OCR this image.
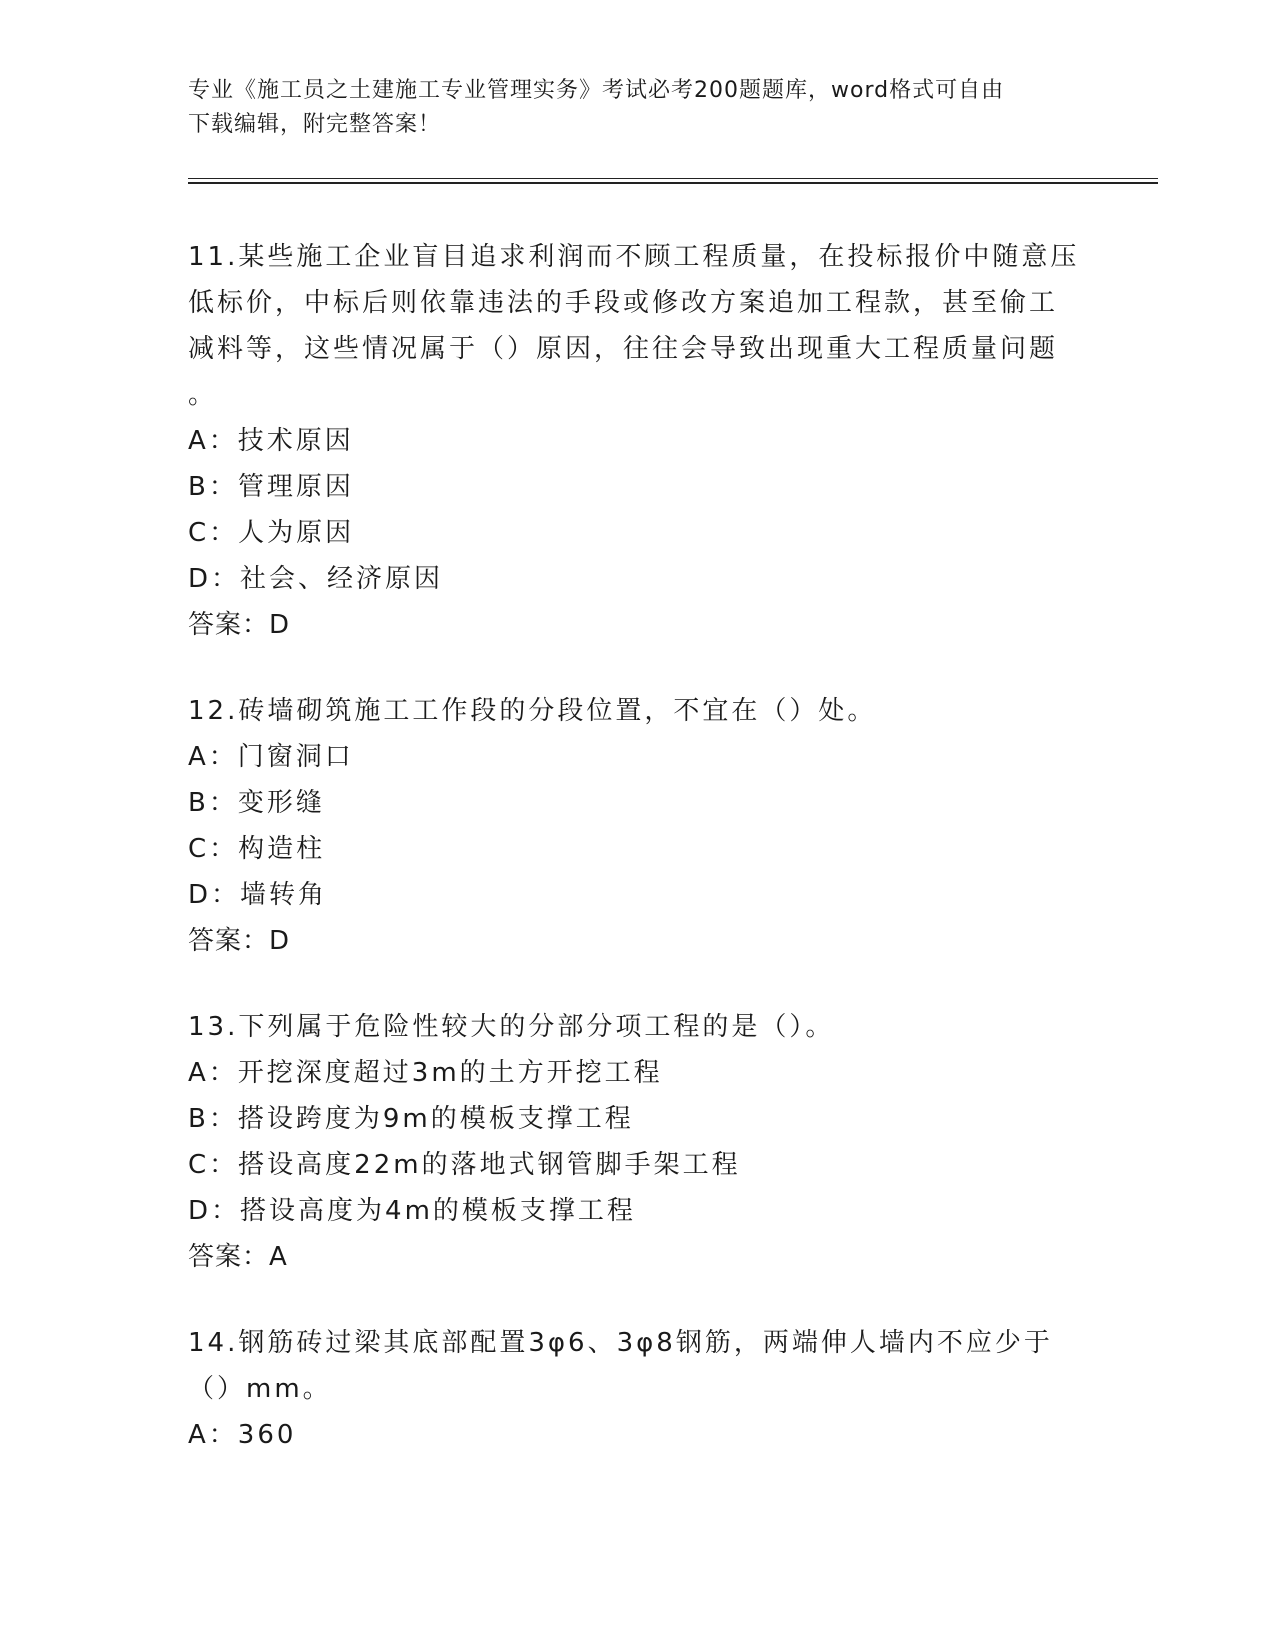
专业《施工员之土建施工专业管理实务》考试必考200题题库，word格式可自由
下载编辑，附完整答案！

11.某些施工企业盲目追求利润而不顾工程质量，在投标报价中随意压

低标价，中标后则依靠违法的手段或修改方案追加工程款，甚至偷工

减料等，这些情况属于（）原因，往往会导致出现重大工程质量问题

。

A：技术原因

B：管理原因

C：人为原因

D：社会、经济原因

答案：D

12.砖墙砌筑施工工作段的分段位置，不宜在（）处。

A：门窗洞口

B：变形缝

C：构造柱

D：墙转角

答案：D

13.下列属于危险性较大的分部分项工程的是（）。

A：开挖深度超过3m的土方开挖工程

B：搭设跨度为9m的模板支撑工程

C：搭设高度22m的落地式钢管脚手架工程

D：搭设高度为4m的模板支撑工程

答案：A

14.钢筋砖过梁其底部配置3φ6、3φ8钢筋，两端伸人墙内不应少于

（）mm。

A：360
